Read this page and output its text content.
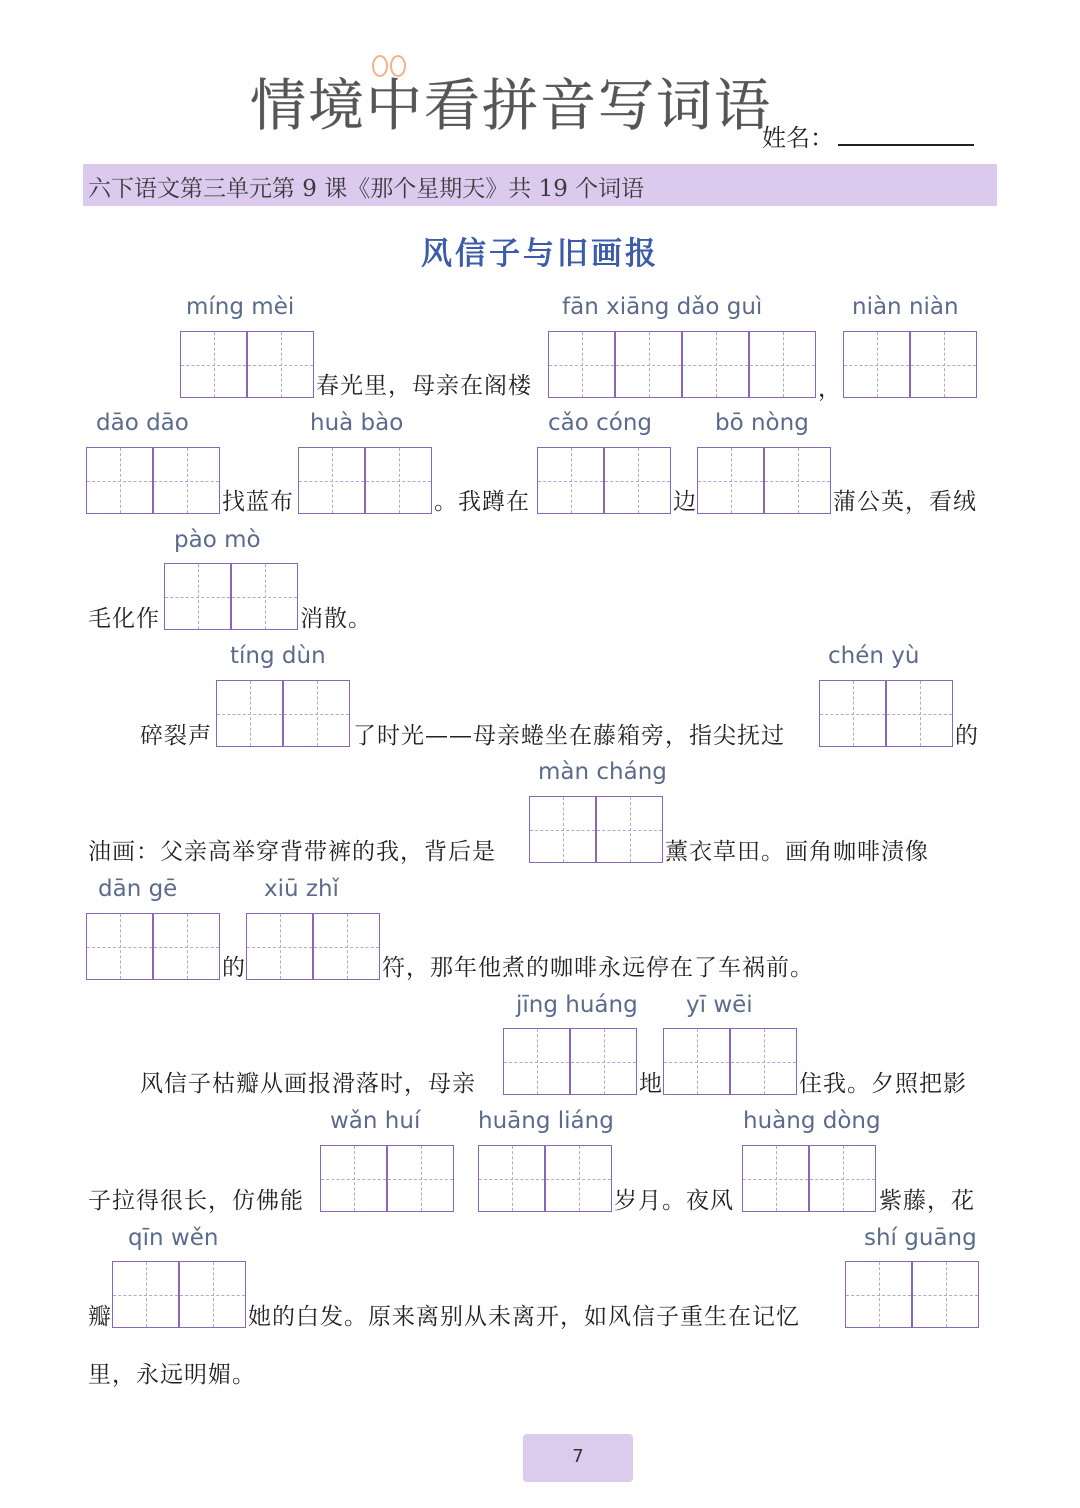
情境中看拼音写词语
姓名：
六下语文第三单元第 9 课《那个星期天》共 19 个词语
风信子与旧画报
míng mèi
春光里，母亲在阁楼
fān xiāng dǎo guì
，
niàn niàn
dāo dāo
找蓝布
huà bào
。我蹲在
cǎo cóng
边
bō nòng
蒲公英，看绒
pào mò
毛化作	消散。
tíng dùn
碎裂声	了时光——母亲蜷坐在藤箱旁，指尖抚过
chén yù
的
màn cháng
油画：父亲高举穿背带裤的我，背后是	薰衣草田。画角咖啡渍像
dān gē
的
xiū zhǐ
符，那年他煮的咖啡永远停在了车祸前。
jīng huáng
风信子枯瓣从画报滑落时，母亲	地
yī wēi
住我。夕照把影
wǎn huí
子拉得很长，仿佛能
huāng liáng
岁月。夜风
huàng dòng
紫藤，花
qīn wěn
瓣	她的白发。原来离别从未离开，如风信子重生在记忆
shí guāng
里，永远明媚。
7
